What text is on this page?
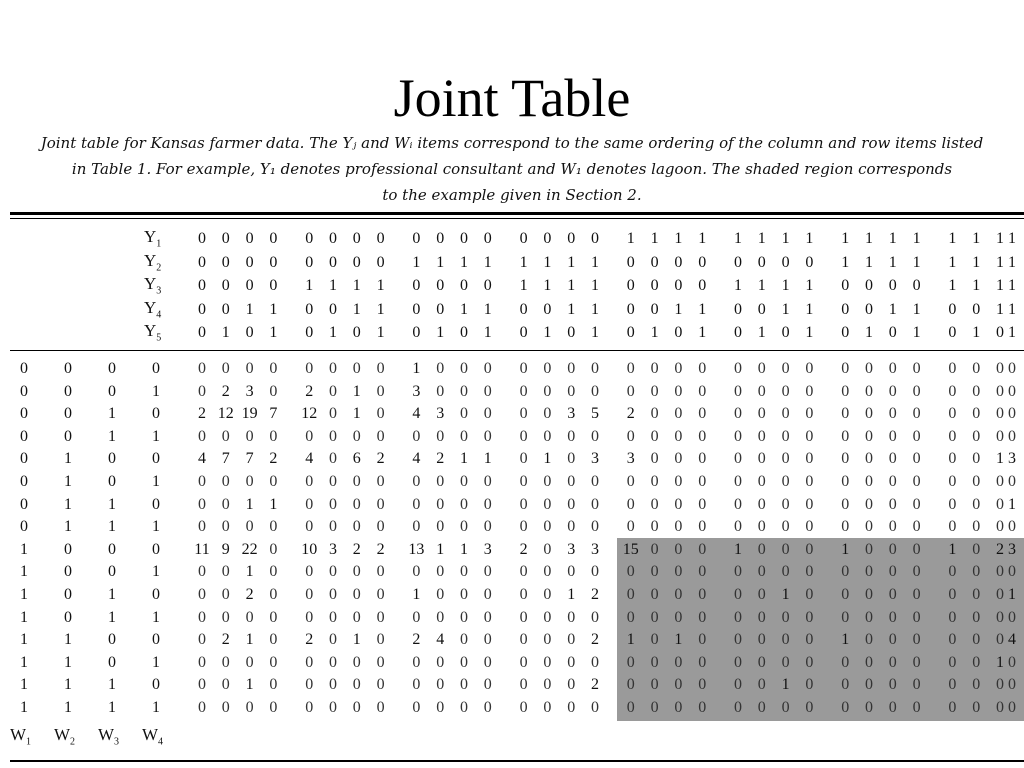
Joint Table
Joint table for Kansas farmer data. The Yⱼ and Wᵢ items correspond to the same ordering of the column and row items listed
in Table 1. For example, Y₁ denotes professional consultant and W₁ denotes lagoon. The shaded region corresponds
to the example given in Section 2.
$Y_1$	0 0 0 0	0 0 0 0	0 0 0 0	0 0 0 0	1 1 1 1	1 1 1 1	1 1 1 1	1 1 1 1
$Y_2$	0 0 0 0	0 0 0 0	1 1 1 1	1 1 1 1	0 0 0 0	0 0 0 0	1 1 1 1	1 1 1 1
$Y_3$	0 0 0 0	1 1 1 1	0 0 0 0	1 1 1 1	0 0 0 0	1 1 1 1	0 0 0 0	1 1 1 1
$Y_4$	0 0 1 1	0 0 1 1	0 0 1 1	0 0 1 1	0 0 1 1	0 0 1 1	0 0 1 1	0 0 1 1
$Y_5$	0 1 0 1	0 1 0 1	0 1 0 1	0 1 0 1	0 1 0 1	0 1 0 1	0 1 0 1	0 1 0 1
0	0	0	0	0 0 0 0	0 0 0 0	1 0 0 0	0 0 0 0	0 0 0 0	0 0 0 0	0 0 0 0	0 0 0 0
0	0	0	1	0 2 3 0	2 0 1 0	3 0 0 0	0 0 0 0	0 0 0 0	0 0 0 0	0 0 0 0	0 0 0 0
0	0	1	0	2 12 19 7	12 0 1 0	4 3 0 0	0 0 3 5	2 0 0 0	0 0 0 0	0 0 0 0	0 0 0 0
0	0	1	1	0 0 0 0	0 0 0 0	0 0 0 0	0 0 0 0	0 0 0 0	0 0 0 0	0 0 0 0	0 0 0 0
0	1	0	0	4 7 7 2	4 0 6 2	4 2 1 1	0 1 0 3	3 0 0 0	0 0 0 0	0 0 0 0	0 0 1 3
0	1	0	1	0 0 0 0	0 0 0 0	0 0 0 0	0 0 0 0	0 0 0 0	0 0 0 0	0 0 0 0	0 0 0 0
0	1	1	0	0 0 1 1	0 0 0 0	0 0 0 0	0 0 0 0	0 0 0 0	0 0 0 0	0 0 0 0	0 0 0 1
0	1	1	1	0 0 0 0	0 0 0 0	0 0 0 0	0 0 0 0	0 0 0 0	0 0 0 0	0 0 0 0	0 0 0 0
1	0	0	0	11 9 22 0	10 3 2 2	13 1 1 3	2 0 3 3	15 0 0 0	1 0 0 0	1 0 0 0	1 0 2 3
1	0	0	1	0 0 1 0	0 0 0 0	0 0 0 0	0 0 0 0	0 0 0 0	0 0 0 0	0 0 0 0	0 0 0 0
1	0	1	0	0 0 2 0	0 0 0 0	1 0 0 0	0 0 1 2	0 0 0 0	0 0 1 0	0 0 0 0	0 0 0 1
1	0	1	1	0 0 0 0	0 0 0 0	0 0 0 0	0 0 0 0	0 0 0 0	0 0 0 0	0 0 0 0	0 0 0 0
1	1	0	0	0 2 1 0	2 0 1 0	2 4 0 0	0 0 0 2	1 0 1 0	0 0 0 0	1 0 0 0	0 0 0 4
1	1	0	1	0 0 0 0	0 0 0 0	0 0 0 0	0 0 0 0	0 0 0 0	0 0 0 0	0 0 0 0	0 0 1 0
1	1	1	0	0 0 1 0	0 0 0 0	0 0 0 0	0 0 0 2	0 0 0 0	0 0 1 0	0 0 0 0	0 0 0 0
1	1	1	1	0 0 0 0	0 0 0 0	0 0 0 0	0 0 0 0	0 0 0 0	0 0 0 0	0 0 0 0	0 0 0 0
$W_1$ $W_2$ $W_3$ $W_4$
